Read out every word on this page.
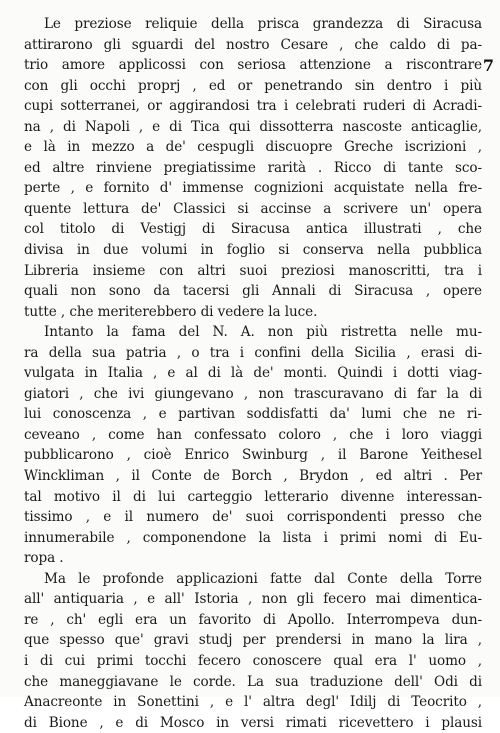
7

Le preziose reliquie della prisca grandezza di Siracusa
attirarono gli sguardi del nostro Cesare , che caldo di pa-
trio amore applicossi con seriosa attenzione a riscontrare
con gli occhi proprj , ed or penetrando sin dentro i più
cupi sotterranei, or aggirandosi tra i celebrati ruderi di Acradi-
na , di Napoli , e di Tica qui dissotterra nascoste anticaglie,
e là in mezzo a de' cespugli discuopre Greche iscrizioni ,
ed altre rinviene pregiatissime rarità . Ricco di tante sco-
perte , e fornito d' immense cognizioni acquistate nella fre-
quente lettura de' Classici si accinse a scrivere un' opera
col titolo di Vestigj di Siracusa antica illustrati , che
divisa in due volumi in foglio si conserva nella pubblica
Libreria insieme con altri suoi preziosi manoscritti, tra i
quali non sono da tacersi gli Annali di Siracusa , opere
tutte , che meriterebbero di vedere la luce.

Intanto la fama del N. A. non più ristretta nelle mu-
ra della sua patria , o tra i confini della Sicilia , erasi di-
vulgata in Italia , e al di là de' monti. Quindi i dotti viag-
giatori , che ivi giungevano , non trascuravano di far la di
lui conoscenza , e partivan soddisfatti da' lumi che ne ri-
ceveano , come han confessato coloro , che i loro viaggi
pubblicarono , cioè Enrico Swinburg , il Barone Yeithesel
Winckliman , il Conte de Borch , Brydon , ed altri . Per
tal motivo il di lui carteggio letterario divenne interessan-
tissimo , e il numero de' suoi corrispondenti presso che
innumerabile , componendone la lista i primi nomi di Eu-
ropa .

Ma le profonde applicazioni fatte dal Conte della Torre
all' antiquaria , e all' Istoria , non gli fecero mai dimentica-
re , ch' egli era un favorito di Apollo. Interrompeva dun-
que spesso que' gravi studj per prendersi in mano la lira ,
i di cui primi tocchi fecero conoscere qual era l' uomo ,
che maneggiavane le corde. La sua traduzione dell' Odi di
Anacreonte in Sonettini , e l' altra degl' Idilj di Teocrito ,
di Bione , e di Mosco in versi rimati ricevettero i plausi
